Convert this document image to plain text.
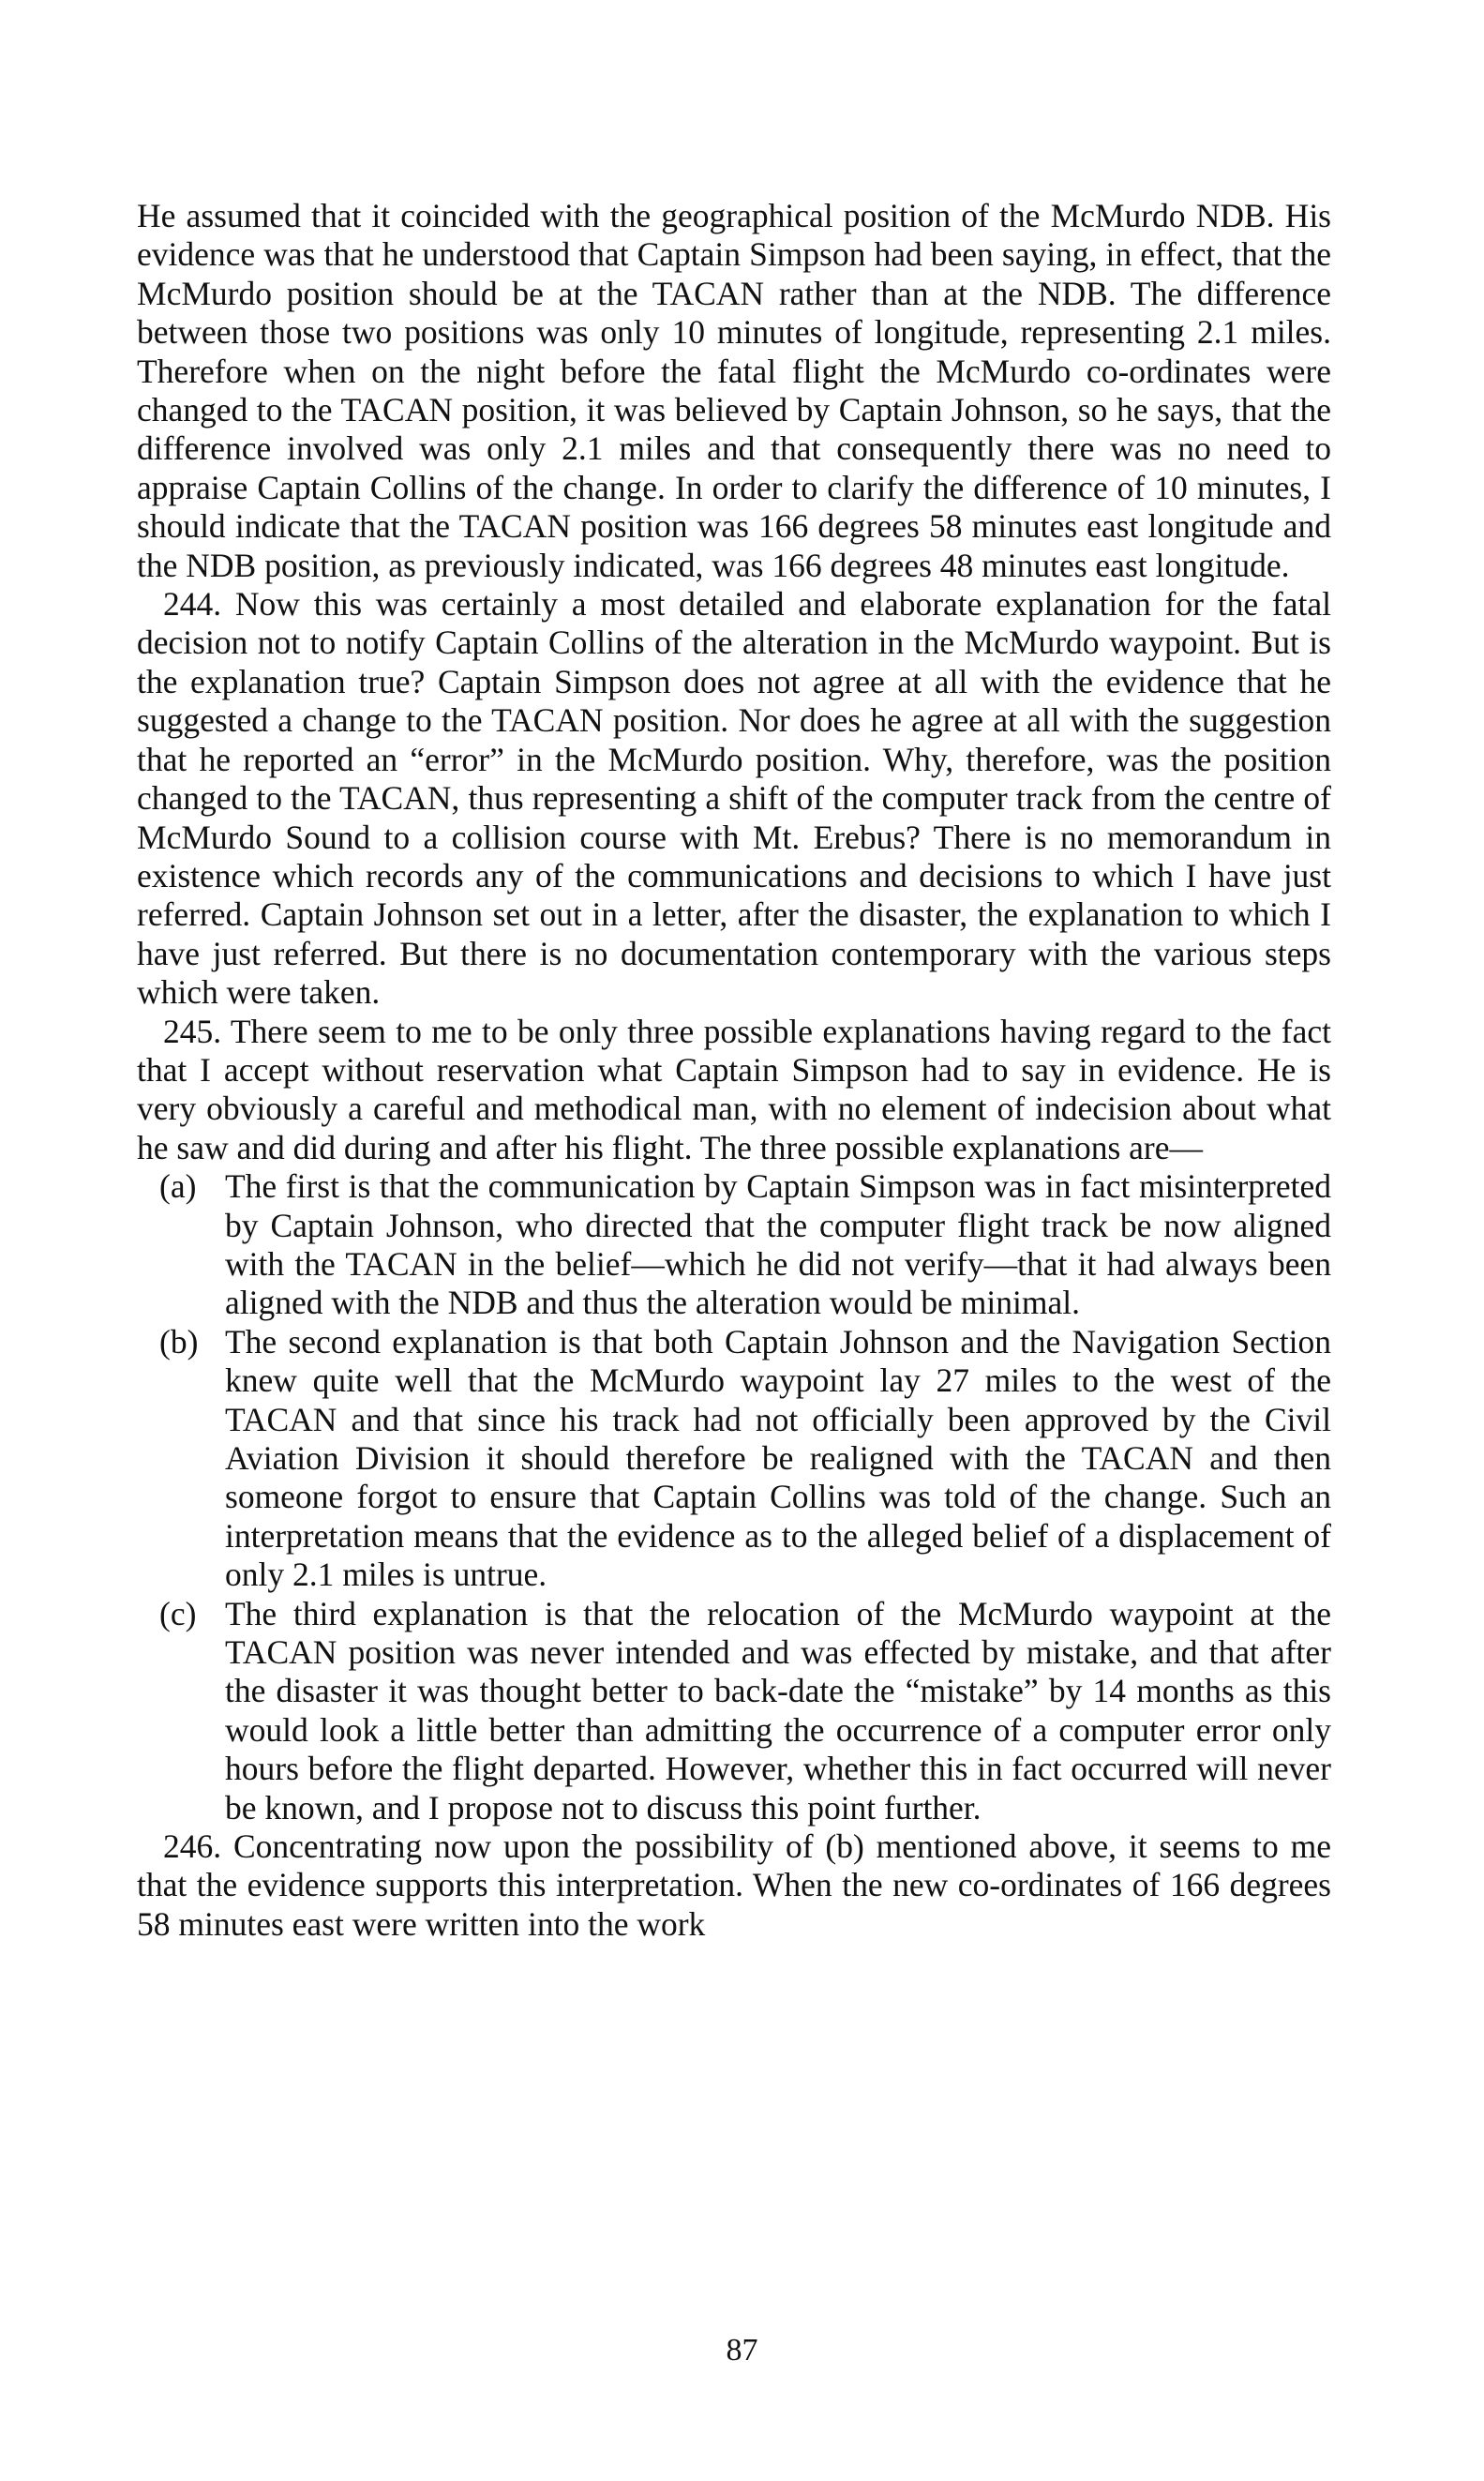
He assumed that it coincided with the geographical position of the McMurdo NDB. His evidence was that he understood that Captain Simpson had been saying, in effect, that the McMurdo position should be at the TACAN rather than at the NDB. The difference between those two positions was only 10 minutes of longitude, representing 2.1 miles. Therefore when on the night before the fatal flight the McMurdo co-ordinates were changed to the TACAN position, it was believed by Captain Johnson, so he says, that the difference involved was only 2.1 miles and that consequently there was no need to appraise Captain Collins of the change. In order to clarify the difference of 10 minutes, I should indicate that the TACAN position was 166 degrees 58 minutes east longitude and the NDB position, as previously indicated, was 166 degrees 48 minutes east longitude.

244. Now this was certainly a most detailed and elaborate explanation for the fatal decision not to notify Captain Collins of the alteration in the McMurdo waypoint. But is the explanation true? Captain Simpson does not agree at all with the evidence that he suggested a change to the TACAN position. Nor does he agree at all with the suggestion that he reported an “error” in the McMurdo position. Why, therefore, was the position changed to the TACAN, thus representing a shift of the computer track from the centre of McMurdo Sound to a collision course with Mt. Erebus? There is no memorandum in existence which records any of the communications and decisions to which I have just referred. Captain Johnson set out in a letter, after the disaster, the explanation to which I have just referred. But there is no documentation contemporary with the various steps which were taken.

245. There seem to me to be only three possible explanations having regard to the fact that I accept without reservation what Captain Simpson had to say in evidence. He is very obviously a careful and methodical man, with no element of indecision about what he saw and did during and after his flight. The three possible explanations are—

(a) The first is that the communication by Captain Simpson was in fact misinterpreted by Captain Johnson, who directed that the computer flight track be now aligned with the TACAN in the belief—which he did not verify—that it had always been aligned with the NDB and thus the alteration would be minimal.

(b) The second explanation is that both Captain Johnson and the Navigation Section knew quite well that the McMurdo waypoint lay 27 miles to the west of the TACAN and that since his track had not officially been approved by the Civil Aviation Division it should therefore be realigned with the TACAN and then someone forgot to ensure that Captain Collins was told of the change. Such an interpretation means that the evidence as to the alleged belief of a displacement of only 2.1 miles is untrue.

(c) The third explanation is that the relocation of the McMurdo waypoint at the TACAN position was never intended and was effected by mistake, and that after the disaster it was thought better to back-date the “mistake” by 14 months as this would look a little better than admitting the occurrence of a computer error only hours before the flight departed. However, whether this in fact occurred will never be known, and I propose not to discuss this point further.

246. Concentrating now upon the possibility of (b) mentioned above, it seems to me that the evidence supports this interpretation. When the new co-ordinates of 166 degrees 58 minutes east were written into the work

87
